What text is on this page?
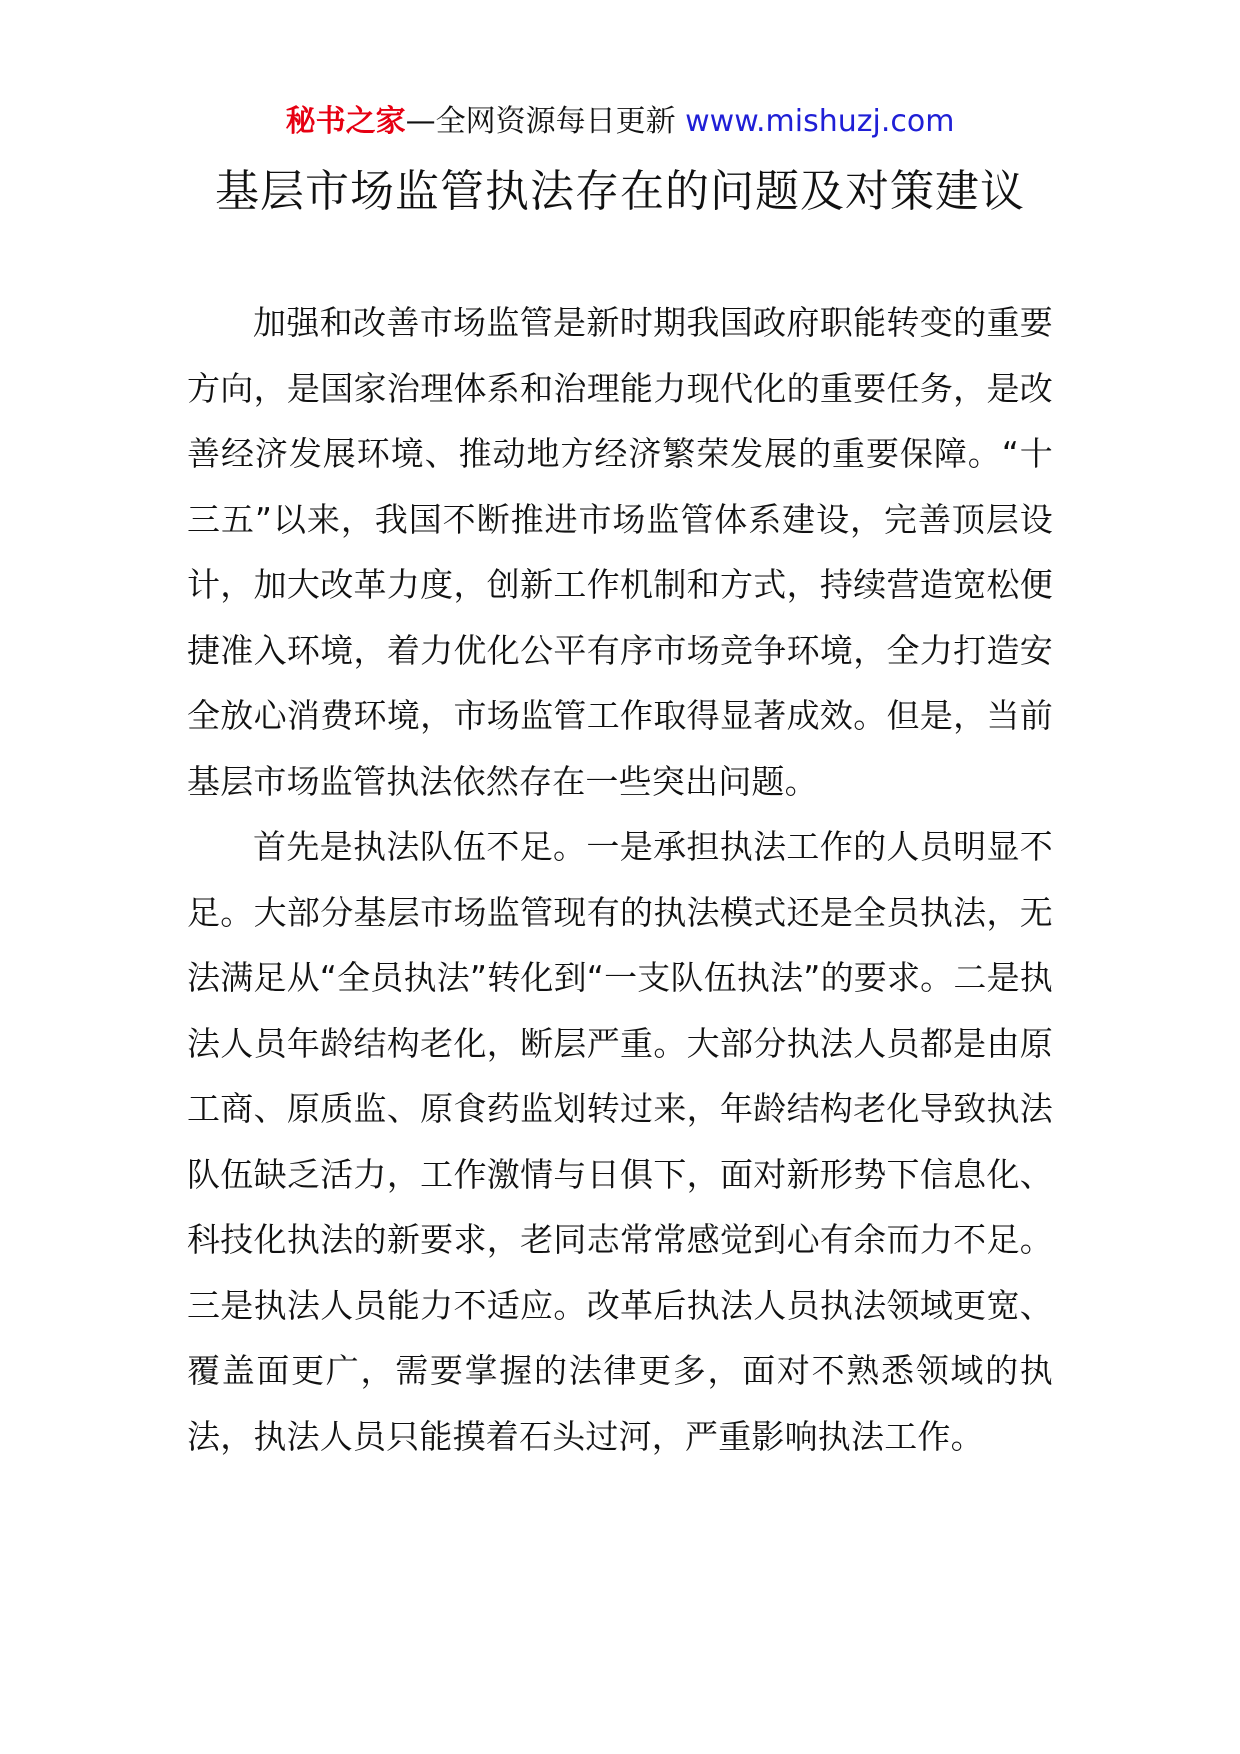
秘书之家—全网资源每日更新 www.mishuzj.com
基层市场监管执法存在的问题及对策建议

加强和改善市场监管是新时期我国政府职能转变的重要方向，是国家治理体系和治理能力现代化的重要任务，是改善经济发展环境、推动地方经济繁荣发展的重要保障。“十三五”以来，我国不断推进市场监管体系建设，完善顶层设计，加大改革力度，创新工作机制和方式，持续营造宽松便捷准入环境，着力优化公平有序市场竞争环境，全力打造安全放心消费环境，市场监管工作取得显著成效。但是，当前基层市场监管执法依然存在一些突出问题。

首先是执法队伍不足。一是承担执法工作的人员明显不足。大部分基层市场监管现有的执法模式还是全员执法，无法满足从“全员执法”转化到“一支队伍执法”的要求。二是执法人员年龄结构老化，断层严重。大部分执法人员都是由原工商、原质监、原食药监划转过来，年龄结构老化导致执法队伍缺乏活力，工作激情与日俱下，面对新形势下信息化、科技化执法的新要求，老同志常常感觉到心有余而力不足。三是执法人员能力不适应。改革后执法人员执法领域更宽、覆盖面更广，需要掌握的法律更多，面对不熟悉领域的执法，执法人员只能摸着石头过河，严重影响执法工作。
